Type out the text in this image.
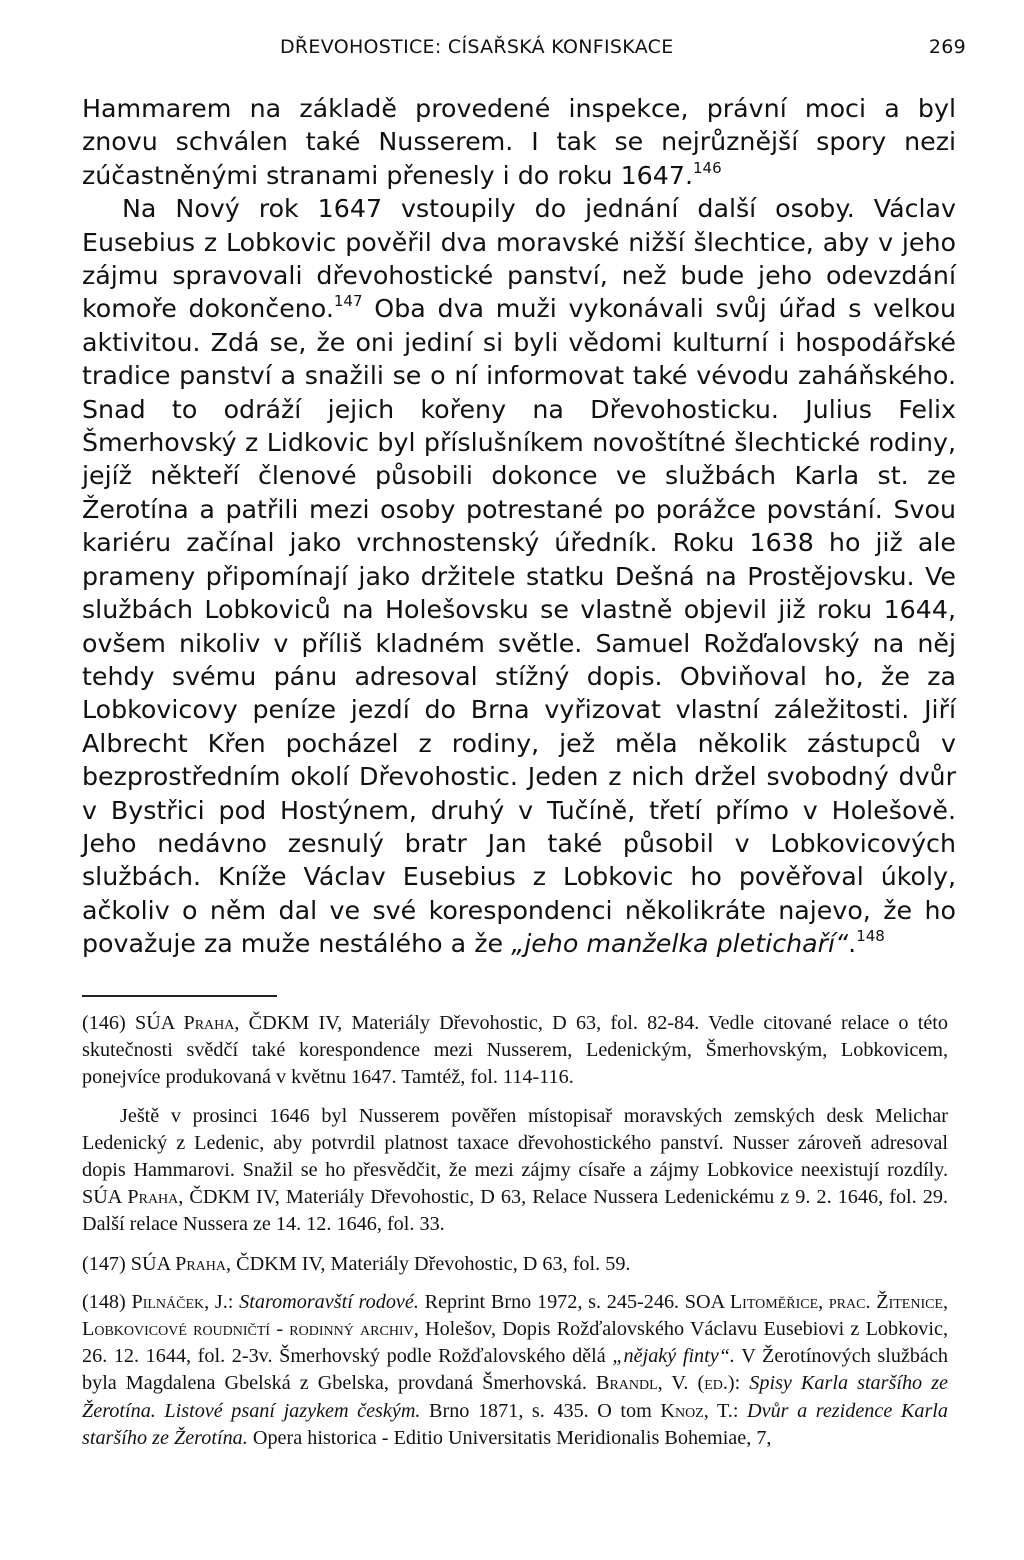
DŘEVOHOSTICE: CÍSAŘSKÁ KONFISKACE	269

Hammarem na základě provedené inspekce, právní moci a byl znovu schválen také Nusserem. I tak se nejrůznější spory nezi zúčastněnými stranami přenesly i do roku 1647.$^{146}$

Na Nový rok 1647 vstoupily do jednání další osoby. Václav Eusebius z Lobkovic pověřil dva moravské nižší šlechtice, aby v jeho zájmu spravovali dřevohostické panství, než bude jeho odevzdání komoře dokončeno.$^{147}$ Oba dva muži vykonávali svůj úřad s velkou aktivitou. Zdá se, že oni jediní si byli vědomi kulturní i hospodářské tradice panství a snažili se o ní informovat také vévodu zaháňského. Snad to odráží jejich kořeny na Dřevohosticku. Julius Felix Šmerhovský z Lidkovic byl příslušníkem novoštítné šlechtické rodiny, jejíž někteří členové působili dokonce ve službách Karla st. ze Žerotína a patřili mezi osoby potrestané po porážce povstání. Svou kariéru začínal jako vrchnostenský úředník. Roku 1638 ho již ale prameny připomínají jako držitele statku Dešná na Prostějovsku. Ve službách Lobkoviců na Holešovsku se vlastně objevil již roku 1644, ovšem nikoliv v příliš kladném světle. Samuel Rožďalovský na něj tehdy svému pánu adresoval stížný dopis. Obviňoval ho, že za Lobkovicovy peníze jezdí do Brna vyřizovat vlastní záležitosti. Jiří Albrecht Křen pocházel z rodiny, jež měla několik zástupců v bezprostředním okolí Dřevohostic. Jeden z nich držel svobodný dvůr v Bystřici pod Hostýnem, druhý v Tučíně, třetí přímo v Holešově. Jeho nedávno zesnulý bratr Jan také působil v Lobkovicových službách. Kníže Václav Eusebius z Lobkovic ho pověřoval úkoly, ačkoliv o něm dal ve své korespondenci několikráte najevo, že ho považuje za muže nestálého a že „jeho manželka pletichaří“.$^{148}$

(146) SÚA Praha, ČDKM IV, Materiály Dřevohostic, D 63, fol. 82-84. Vedle citované relace o této skutečnosti svědčí také korespondence mezi Nusserem, Ledenickým, Šmerhovským, Lobkovicem, ponejvíce produkovaná v květnu 1647. Tamtéž, fol. 114-116.

Ještě v prosinci 1646 byl Nusserem pověřen místopisař moravských zemských desk Melichar Ledenický z Ledenic, aby potvrdil platnost taxace dřevohostického panství. Nusser zároveň adresoval dopis Hammarovi. Snažil se ho přesvědčit, že mezi zájmy císaře a zájmy Lobkovice neexistují rozdíly. SÚA Praha, ČDKM IV, Materiály Dřevohostic, D 63, Relace Nussera Ledenickému z 9. 2. 1646, fol. 29. Další relace Nussera ze 14. 12. 1646, fol. 33.

(147) SÚA Praha, ČDKM IV, Materiály Dřevohostic, D 63, fol. 59.

(148) Pilnáček, J.: Staromoravští rodové. Reprint Brno 1972, s. 245-246. SOA Litoměřice, prac. Žitenice, Lobkovicové roudničtí - rodinný archiv, Holešov, Dopis Rožďalovského Václavu Eusebiovi z Lobkovic, 26. 12. 1644, fol. 2-3v. Šmerhovský podle Rožďalovského dělá „nějaký finty“. V Žerotínových službách byla Magdalena Gbelská z Gbelska, provdaná Šmerhovská. Brandl, V. (ed.): Spisy Karla staršího ze Žerotína. Listové psaní jazykem českým. Brno 1871, s. 435. O tom Knoz, T.: Dvůr a rezidence Karla staršího ze Žerotína. Opera historica - Editio Universitatis Meridionalis Bohemiae, 7,
